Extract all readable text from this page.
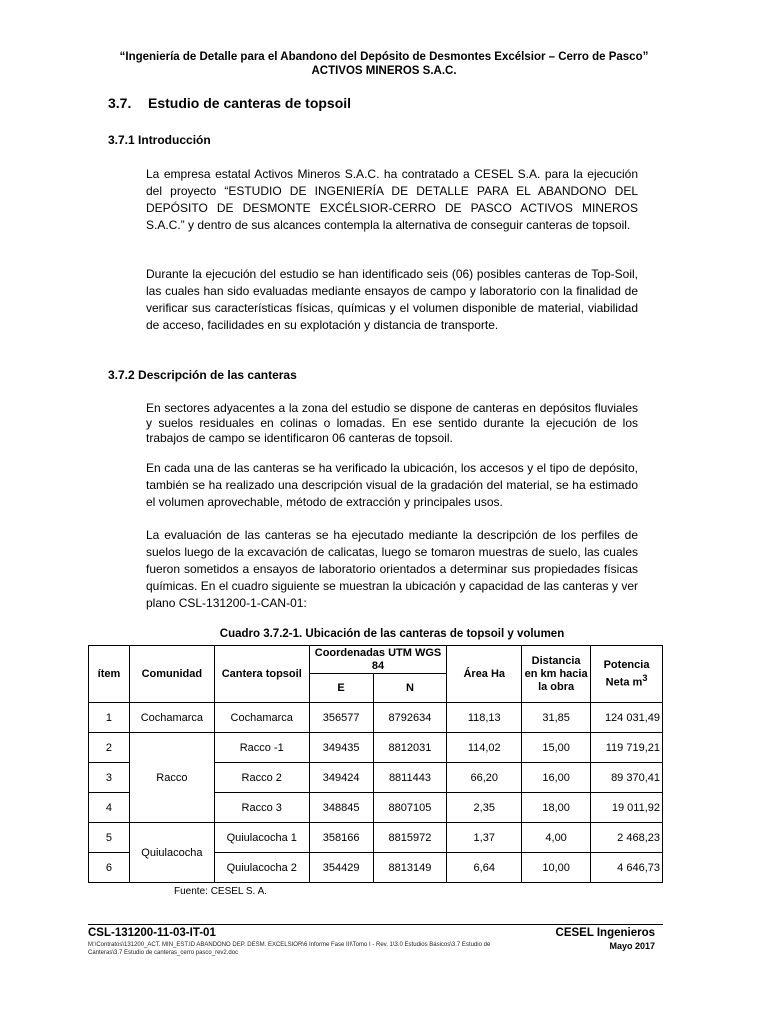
“Ingeniería de Detalle para el Abandono del Depósito de Desmontes Excélsior – Cerro de Pasco”
ACTIVOS MINEROS S.A.C.
3.7. Estudio de canteras de topsoil
3.7.1 Introducción
La empresa estatal Activos Mineros S.A.C. ha contratado a CESEL S.A. para la ejecución del proyecto “ESTUDIO DE INGENIERÍA DE DETALLE PARA EL ABANDONO DEL DEPÓSITO DE DESMONTE EXCÉLSIOR-CERRO DE PASCO ACTIVOS MINEROS S.A.C.” y dentro de sus alcances contempla la alternativa de conseguir canteras de topsoil.
Durante la ejecución del estudio se han identificado seis (06) posibles canteras de Top-Soil, las cuales han sido evaluadas mediante ensayos de campo y laboratorio con la finalidad de verificar sus características físicas, químicas y el volumen disponible de material, viabilidad de acceso, facilidades en su explotación y distancia de transporte.
3.7.2 Descripción de las canteras
En sectores adyacentes a la zona del estudio se dispone de canteras en depósitos fluviales y suelos residuales en colinas o lomadas. En ese sentido durante la ejecución de los trabajos de campo se identificaron 06 canteras de topsoil.
En cada una de las canteras se ha verificado la ubicación, los accesos y el tipo de depósito, también se ha realizado una descripción visual de la gradación del material, se ha estimado el volumen aprovechable, método de extracción y principales usos.
La evaluación de las canteras se ha ejecutado mediante la descripción de los perfiles de suelos luego de la excavación de calicatas, luego se tomaron muestras de suelo, las cuales fueron sometidos a ensayos de laboratorio orientados a determinar sus propiedades físicas químicas. En el cuadro siguiente se muestran la ubicación y capacidad de las canteras y ver plano CSL-131200-1-CAN-01:
Cuadro 3.7.2-1. Ubicación de las canteras de topsoil y volumen
ítem	Comunidad	Cantera topsoil	Coordenadas UTM WGS 84		Área Ha	Distancia en km hacia la obra	Potencia Neta $m^3$
			E	N			
1	Cochamarca	Cochamarca	356577	8792634	118,13	31,85	124 031,49
2	Racco	Racco -1	349435	8812031	114,02	15,00	119 719,21
3		Racco 2	349424	8811443	66,20	16,00	89 370,41
4		Racco 3	348845	8807105	2,35	18,00	19 011,92
5	Quiulacocha	Quiulacocha 1	358166	8815972	1,37	4,00	2 468,23
6		Quiulacocha 2	354429	8813149	6,64	10,00	4 646,73
Fuente: CESEL S. A.
CSL-131200-11-03-IT-01
M:\Contratos\131200_ACT. MIN_EST.ID ABANDONO DEP. DESM. EXCELSIOR\6 Informe Fase III\Tomo I - Rev. 1\3.0 Estudios Básicos\3.7 Estudio de Canteras\3.7 Estudio de canteras_cerro pasco_rev2.doc
CESEL Ingenieros
Mayo 2017
